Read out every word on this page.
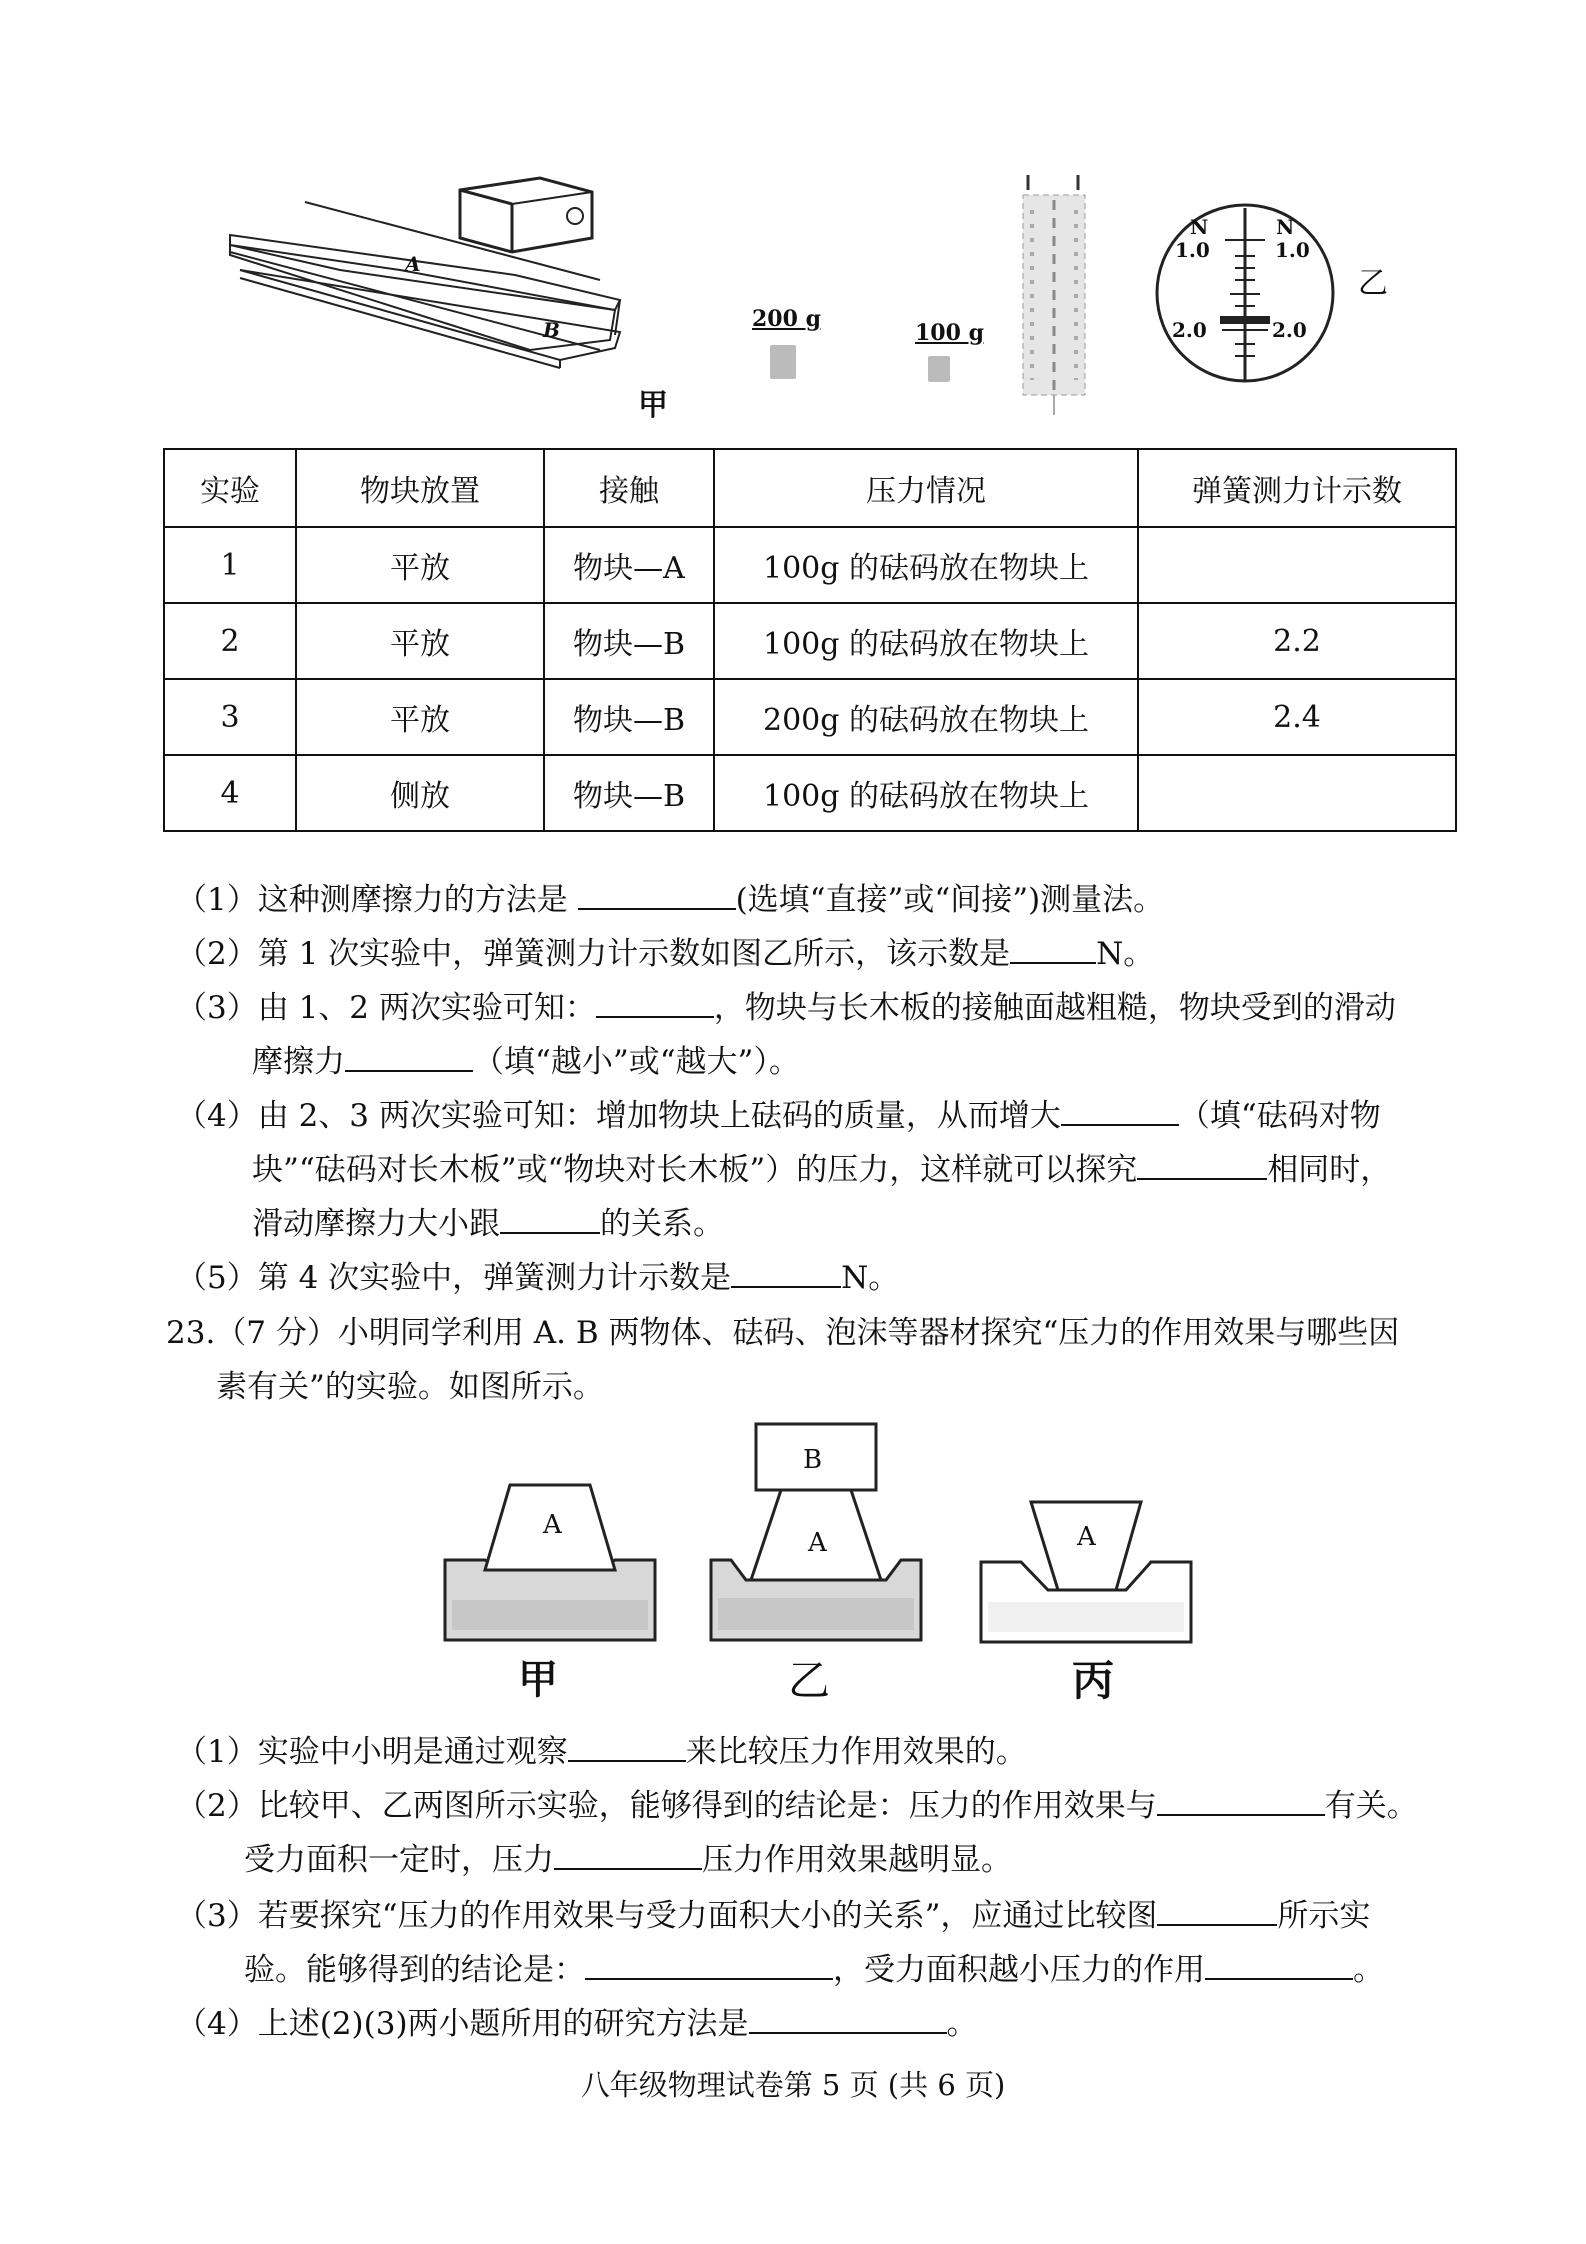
A
B
甲
200 g
100 g
N	N
1.0	1.0
2.0	2.0
乙
实验	物块放置	接触	压力情况	弹簧测力计示数
1	平放	物块—A	100g 的砝码放在物块上	
2	平放	物块—B	100g 的砝码放在物块上	2.2
3	平放	物块—B	200g 的砝码放在物块上	2.4
4	侧放	物块—B	100g 的砝码放在物块上	
（1）这种测摩擦力的方法是	(选填“直接”或“间接”)测量法。
（2）第 1 次实验中，弹簧测力计示数如图乙所示，该示数是	N。
（3）由 1、2 两次实验可知：	，物块与长木板的接触面越粗糙，物块受到的滑动
摩擦力	（填“越小”或“越大”）。
（4）由 2、3 两次实验可知：增加物块上砝码的质量，从而增大	（填“砝码对物
块”“砝码对长木板”或“物块对长木板”）的压力，这样就可以探究	相同时，
滑动摩擦力大小跟	的关系。
（5）第 4 次实验中，弹簧测力计示数是	N。
23.（7 分）小明同学利用 A. B 两物体、砝码、泡沫等器材探究“压力的作用效果与哪些因
素有关”的实验。如图所示。
A
甲
B
A
乙
A
丙
（1）实验中小明是通过观察	来比较压力作用效果的。
（2）比较甲、乙两图所示实验，能够得到的结论是：压力的作用效果与	有关。
受力面积一定时，压力	压力作用效果越明显。
（3）若要探究“压力的作用效果与受力面积大小的关系”，应通过比较图	所示实
验。能够得到的结论是：	，受力面积越小压力的作用	。
（4）上述(2)(3)两小题所用的研究方法是	。
八年级物理试卷第 5 页 (共 6 页)
